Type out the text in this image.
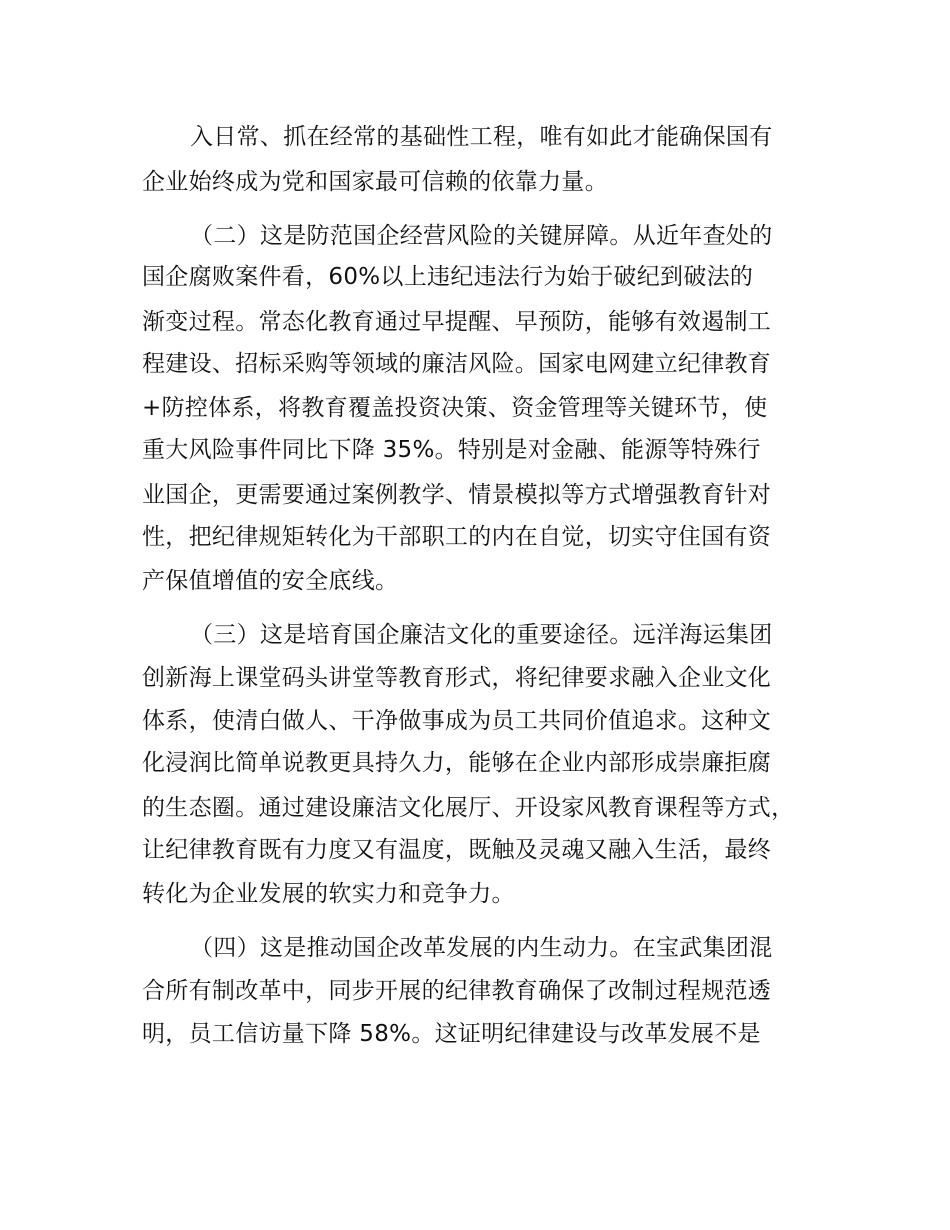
入日常、抓在经常的基础性工程，唯有如此才能确保国有
企业始终成为党和国家最可信赖的依靠力量。
（二）这是防范国企经营风险的关键屏障。从近年查处的
国企腐败案件看，60%以上违纪违法行为始于破纪到破法的
渐变过程。常态化教育通过早提醒、早预防，能够有效遏制工
程建设、招标采购等领域的廉洁风险。国家电网建立纪律教育
+防控体系，将教育覆盖投资决策、资金管理等关键环节，使
重大风险事件同比下降 35%。特别是对金融、能源等特殊行
业国企，更需要通过案例教学、情景模拟等方式增强教育针对
性，把纪律规矩转化为干部职工的内在自觉，切实守住国有资
产保值增值的安全底线。
（三）这是培育国企廉洁文化的重要途径。远洋海运集团
创新海上课堂码头讲堂等教育形式，将纪律要求融入企业文化
体系，使清白做人、干净做事成为员工共同价值追求。这种文
化浸润比简单说教更具持久力，能够在企业内部形成崇廉拒腐
的生态圈。通过建设廉洁文化展厅、开设家风教育课程等方式，
让纪律教育既有力度又有温度，既触及灵魂又融入生活，最终
转化为企业发展的软实力和竞争力。
（四）这是推动国企改革发展的内生动力。在宝武集团混
合所有制改革中，同步开展的纪律教育确保了改制过程规范透
明，员工信访量下降 58%。这证明纪律建设与改革发展不是
